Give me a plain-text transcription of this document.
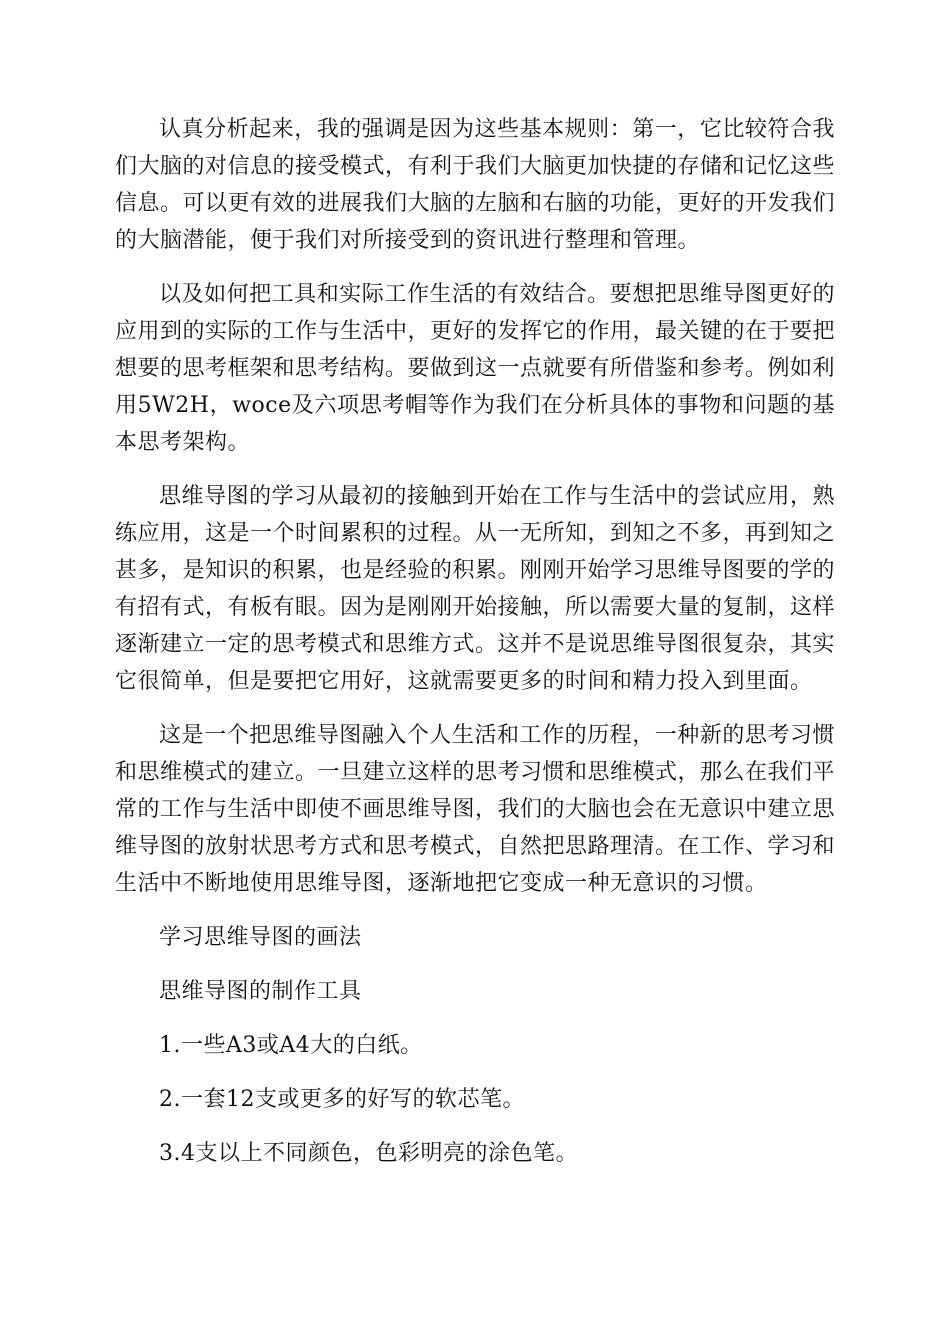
认真分析起来，我的强调是因为这些基本规则：第一，它比较符合我们大脑的对信息的接受模式，有利于我们大脑更加快捷的存储和记忆这些信息。可以更有效的进展我们大脑的左脑和右脑的功能，更好的开发我们的大脑潜能，便于我们对所接受到的资讯进行整理和管理。

以及如何把工具和实际工作生活的有效结合。要想把思维导图更好的应用到的实际的工作与生活中，更好的发挥它的作用，最关键的在于要把想要的思考框架和思考结构。要做到这一点就要有所借鉴和参考。例如利用5W2H，woce及六项思考帽等作为我们在分析具体的事物和问题的基本思考架构。

思维导图的学习从最初的接触到开始在工作与生活中的尝试应用，熟练应用，这是一个时间累积的过程。从一无所知，到知之不多，再到知之甚多，是知识的积累，也是经验的积累。刚刚开始学习思维导图要的学的有招有式，有板有眼。因为是刚刚开始接触，所以需要大量的复制，这样逐渐建立一定的思考模式和思维方式。这并不是说思维导图很复杂，其实它很简单，但是要把它用好，这就需要更多的时间和精力投入到里面。

这是一个把思维导图融入个人生活和工作的历程，一种新的思考习惯和思维模式的建立。一旦建立这样的思考习惯和思维模式，那么在我们平常的工作与生活中即使不画思维导图，我们的大脑也会在无意识中建立思维导图的放射状思考方式和思考模式，自然把思路理清。在工作、学习和生活中不断地使用思维导图，逐渐地把它变成一种无意识的习惯。

学习思维导图的画法

思维导图的制作工具

1.一些A3或A4大的白纸。

2.一套12支或更多的好写的软芯笔。

3.4支以上不同颜色，色彩明亮的涂色笔。
